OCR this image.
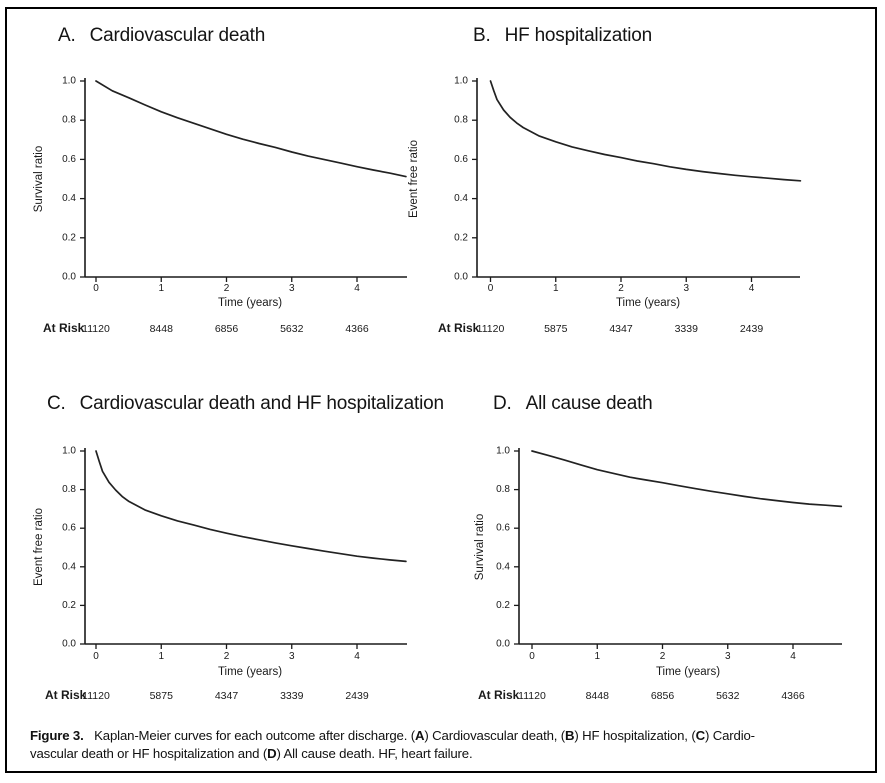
A. Cardiovascular death	B. HF hospitalization
C. Cardiovascular death and HF hospitalization	D. All cause death
0.0
0.2
0.4
0.6
0.8
1.0
0	1	2	3	4
Survival ratio
Time (years)
At Risk
11120	8448	6856	5632	4366
0.0
0.2
0.4
0.6
0.8
1.0
0	1	2	3	4
Event free ratio
Time (years)
At Risk
11120	5875	4347	3339	2439
0.0
0.2
0.4
0.6
0.8
1.0
0	1	2	3	4
Event free ratio
Time (years)
At Risk
11120	5875	4347	3339	2439
0.0
0.2
0.4
0.6
0.8
1.0
0	1	2	3	4
Survival ratio
Time (years)
At Risk
11120	8448	6856	5632	4366
Figure 3.   Kaplan-Meier curves for each outcome after discharge. (A) Cardiovascular death, (B) HF hospitalization, (C) Cardio-
vascular death or HF hospitalization and (D) All cause death. HF, heart failure.
